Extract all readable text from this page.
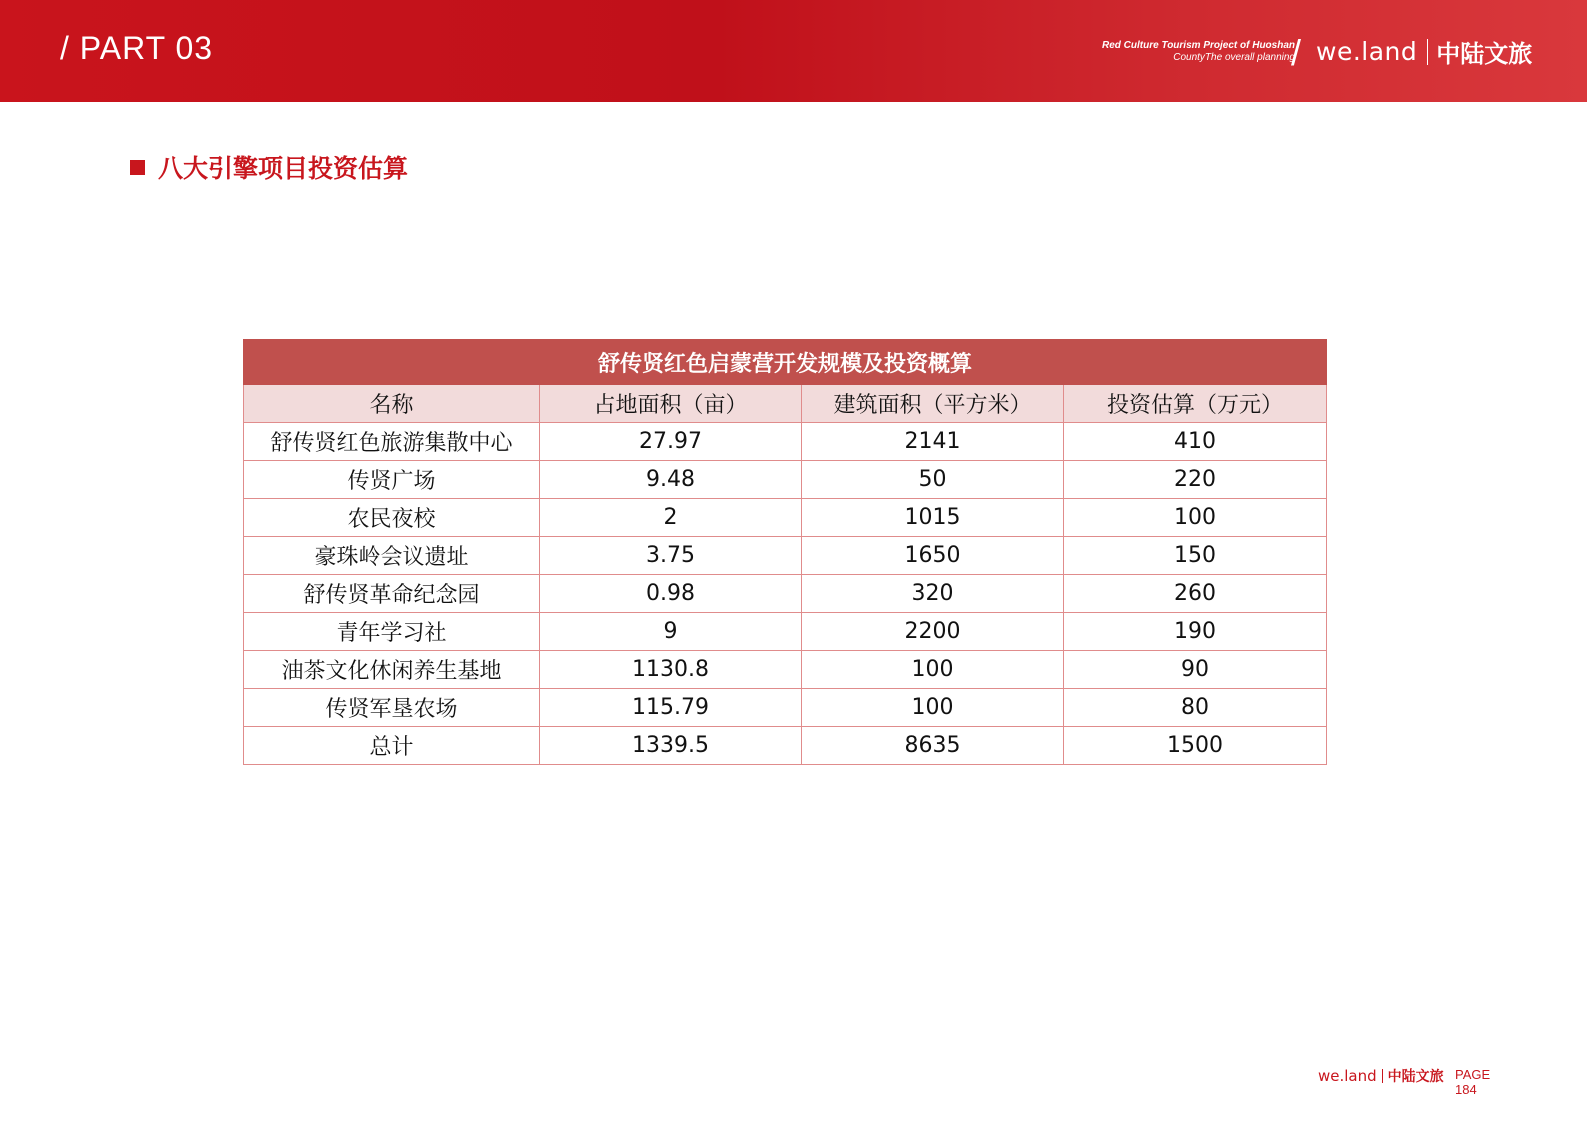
/ PART 03	Red Culture Tourism Project of Huoshan
CountyThe overall planning
/ we.land 中陆文旅
八大引擎项目投资估算
舒传贤红色启蒙营开发规模及投资概算			
名称	占地面积（亩）	建筑面积（平方米）	投资估算（万元）
舒传贤红色旅游集散中心	27.97	2141	410
传贤广场	9.48	50	220
农民夜校	2	1015	100
豪珠岭会议遗址	3.75	1650	150
舒传贤革命纪念园	0.98	320	260
青年学习社	9	2200	190
油茶文化休闲养生基地	1130.8	100	90
传贤军垦农场	115.79	100	80
总计	1339.5	8635	1500
we.land 中陆文旅 PAGE
184
